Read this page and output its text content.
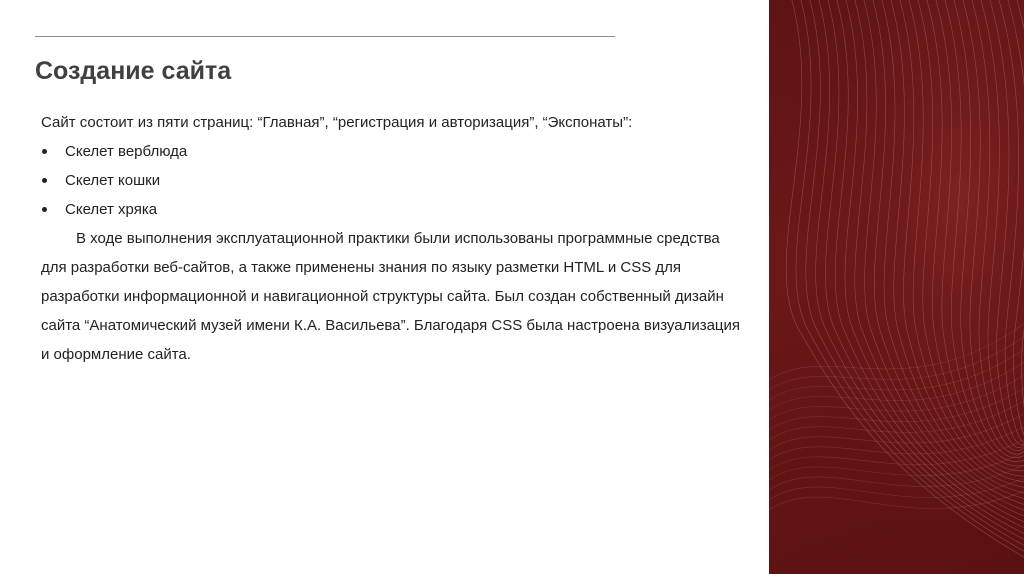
Создание сайта

Сайт состоит из пяти страниц: “Главная”, “регистрация и авторизация”, “Экспонаты”:

Скелет верблюда
Скелет кошки
Скелет хряка

В ходе выполнения эксплуатационной практики были использованы программные средства для разработки веб-сайтов, а также применены знания по языку разметки HTML и CSS для разработки информационной и навигационной структуры сайта. Был создан собственный дизайн сайта “Анатомический музей имени К.А. Васильева”. Благодаря CSS была настроена визуализация и оформление сайта.
